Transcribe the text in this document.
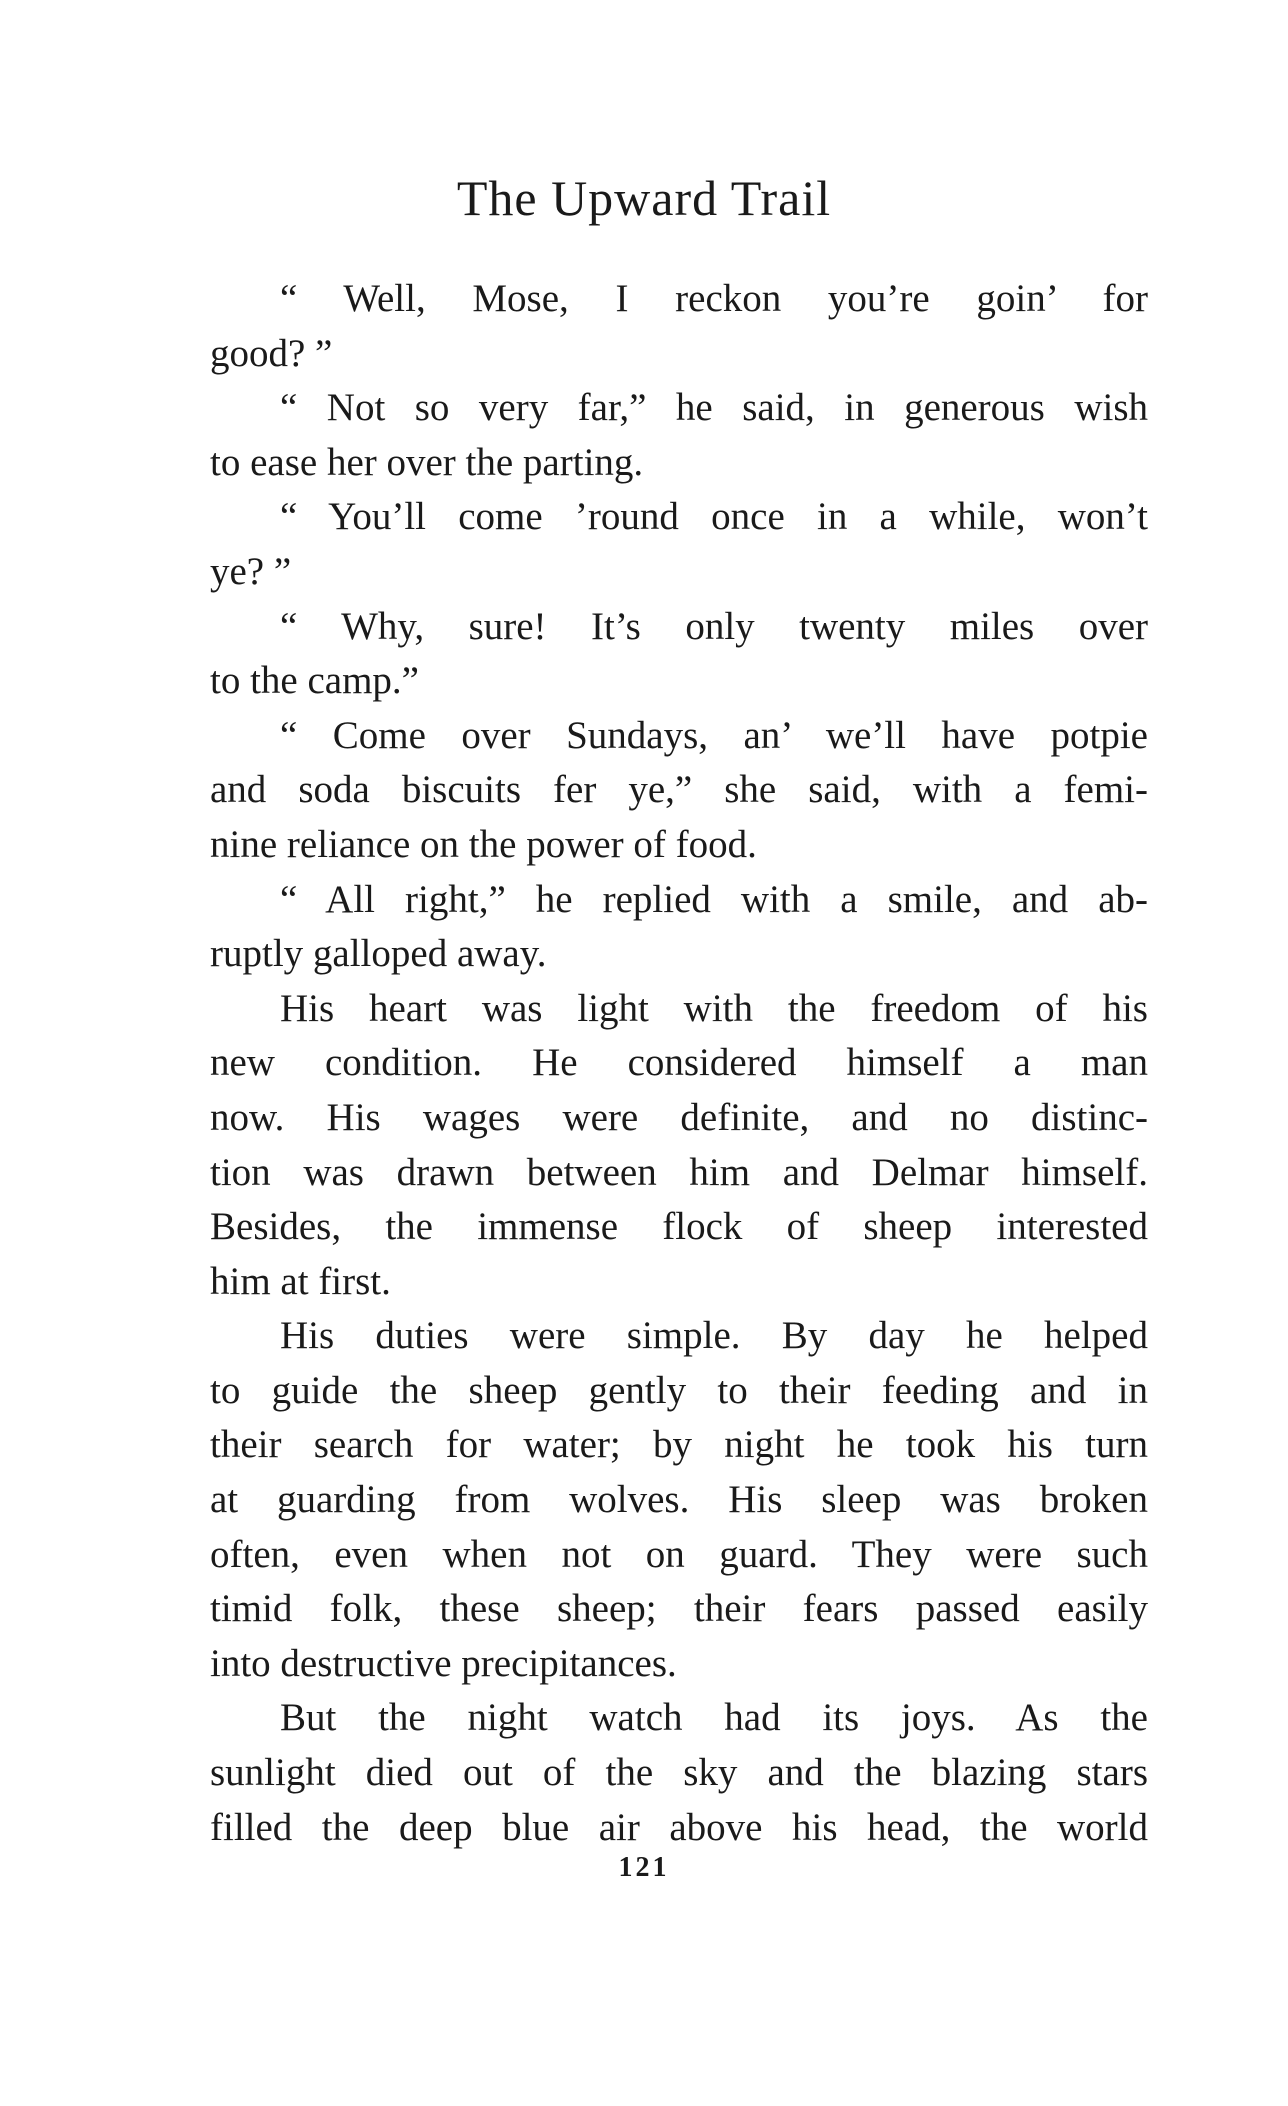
The Upward Trail
“ Well, Mose, I reckon you’re goin’ for
good? ”
“ Not so very far,” he said, in generous wish
to ease her over the parting.
“ You’ll come ’round once in a while, won’t
ye? ”
“ Why, sure! It’s only twenty miles over
to the camp.”
“ Come over Sundays, an’ we’ll have potpie
and soda biscuits fer ye,” she said, with a femi-
nine reliance on the power of food.
“ All right,” he replied with a smile, and ab-
ruptly galloped away.
His heart was light with the freedom of his
new condition. He considered himself a man
now. His wages were definite, and no distinc-
tion was drawn between him and Delmar himself.
Besides, the immense flock of sheep interested
him at first.
His duties were simple. By day he helped
to guide the sheep gently to their feeding and in
their search for water; by night he took his turn
at guarding from wolves. His sleep was broken
often, even when not on guard. They were such
timid folk, these sheep; their fears passed easily
into destructive precipitances.
But the night watch had its joys. As the
sunlight died out of the sky and the blazing stars
filled the deep blue air above his head, the world
121
